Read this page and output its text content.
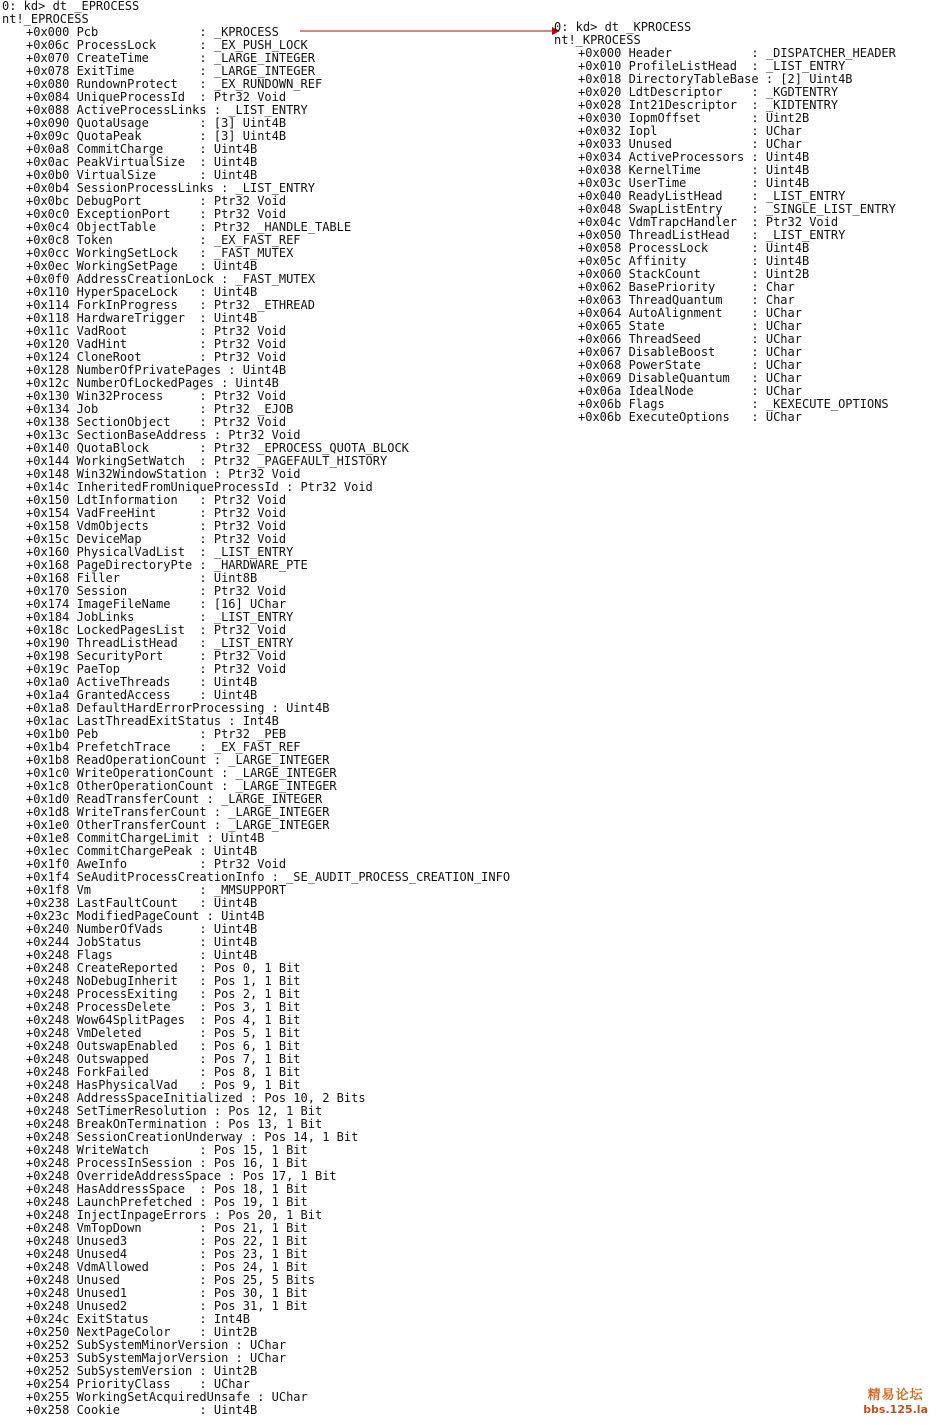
0: kd> dt _EPROCESS
nt!_EPROCESS
+0x000 Pcb              : _KPROCESS
+0x06c ProcessLock      : _EX_PUSH_LOCK
+0x070 CreateTime       : _LARGE_INTEGER
+0x078 ExitTime         : _LARGE_INTEGER
+0x080 RundownProtect   : _EX_RUNDOWN_REF
+0x084 UniqueProcessId  : Ptr32 Void
+0x088 ActiveProcessLinks : _LIST_ENTRY
+0x090 QuotaUsage       : [3] Uint4B
+0x09c QuotaPeak        : [3] Uint4B
+0x0a8 CommitCharge     : Uint4B
+0x0ac PeakVirtualSize  : Uint4B
+0x0b0 VirtualSize      : Uint4B
+0x0b4 SessionProcessLinks : _LIST_ENTRY
+0x0bc DebugPort        : Ptr32 Void
+0x0c0 ExceptionPort    : Ptr32 Void
+0x0c4 ObjectTable      : Ptr32 _HANDLE_TABLE
+0x0c8 Token            : _EX_FAST_REF
+0x0cc WorkingSetLock   : _FAST_MUTEX
+0x0ec WorkingSetPage   : Uint4B
+0x0f0 AddressCreationLock : _FAST_MUTEX
+0x110 HyperSpaceLock   : Uint4B
+0x114 ForkInProgress   : Ptr32 _ETHREAD
+0x118 HardwareTrigger  : Uint4B
+0x11c VadRoot          : Ptr32 Void
+0x120 VadHint          : Ptr32 Void
+0x124 CloneRoot        : Ptr32 Void
+0x128 NumberOfPrivatePages : Uint4B
+0x12c NumberOfLockedPages : Uint4B
+0x130 Win32Process     : Ptr32 Void
+0x134 Job              : Ptr32 _EJOB
+0x138 SectionObject    : Ptr32 Void
+0x13c SectionBaseAddress : Ptr32 Void
+0x140 QuotaBlock       : Ptr32 _EPROCESS_QUOTA_BLOCK
+0x144 WorkingSetWatch  : Ptr32 _PAGEFAULT_HISTORY
+0x148 Win32WindowStation : Ptr32 Void
+0x14c InheritedFromUniqueProcessId : Ptr32 Void
+0x150 LdtInformation   : Ptr32 Void
+0x154 VadFreeHint      : Ptr32 Void
+0x158 VdmObjects       : Ptr32 Void
+0x15c DeviceMap        : Ptr32 Void
+0x160 PhysicalVadList  : _LIST_ENTRY
+0x168 PageDirectoryPte : _HARDWARE_PTE
+0x168 Filler           : Uint8B
+0x170 Session          : Ptr32 Void
+0x174 ImageFileName    : [16] UChar
+0x184 JobLinks         : _LIST_ENTRY
+0x18c LockedPagesList  : Ptr32 Void
+0x190 ThreadListHead   : _LIST_ENTRY
+0x198 SecurityPort     : Ptr32 Void
+0x19c PaeTop           : Ptr32 Void
+0x1a0 ActiveThreads    : Uint4B
+0x1a4 GrantedAccess    : Uint4B
+0x1a8 DefaultHardErrorProcessing : Uint4B
+0x1ac LastThreadExitStatus : Int4B
+0x1b0 Peb              : Ptr32 _PEB
+0x1b4 PrefetchTrace    : _EX_FAST_REF
+0x1b8 ReadOperationCount : _LARGE_INTEGER
+0x1c0 WriteOperationCount : _LARGE_INTEGER
+0x1c8 OtherOperationCount : _LARGE_INTEGER
+0x1d0 ReadTransferCount : _LARGE_INTEGER
+0x1d8 WriteTransferCount : _LARGE_INTEGER
+0x1e0 OtherTransferCount : _LARGE_INTEGER
+0x1e8 CommitChargeLimit : Uint4B
+0x1ec CommitChargePeak : Uint4B
+0x1f0 AweInfo          : Ptr32 Void
+0x1f4 SeAuditProcessCreationInfo : _SE_AUDIT_PROCESS_CREATION_INFO
+0x1f8 Vm               : _MMSUPPORT
+0x238 LastFaultCount   : Uint4B
+0x23c ModifiedPageCount : Uint4B
+0x240 NumberOfVads     : Uint4B
+0x244 JobStatus        : Uint4B
+0x248 Flags            : Uint4B
+0x248 CreateReported   : Pos 0, 1 Bit
+0x248 NoDebugInherit   : Pos 1, 1 Bit
+0x248 ProcessExiting   : Pos 2, 1 Bit
+0x248 ProcessDelete    : Pos 3, 1 Bit
+0x248 Wow64SplitPages  : Pos 4, 1 Bit
+0x248 VmDeleted        : Pos 5, 1 Bit
+0x248 OutswapEnabled   : Pos 6, 1 Bit
+0x248 Outswapped       : Pos 7, 1 Bit
+0x248 ForkFailed       : Pos 8, 1 Bit
+0x248 HasPhysicalVad   : Pos 9, 1 Bit
+0x248 AddressSpaceInitialized : Pos 10, 2 Bits
+0x248 SetTimerResolution : Pos 12, 1 Bit
+0x248 BreakOnTermination : Pos 13, 1 Bit
+0x248 SessionCreationUnderway : Pos 14, 1 Bit
+0x248 WriteWatch       : Pos 15, 1 Bit
+0x248 ProcessInSession : Pos 16, 1 Bit
+0x248 OverrideAddressSpace : Pos 17, 1 Bit
+0x248 HasAddressSpace  : Pos 18, 1 Bit
+0x248 LaunchPrefetched : Pos 19, 1 Bit
+0x248 InjectInpageErrors : Pos 20, 1 Bit
+0x248 VmTopDown        : Pos 21, 1 Bit
+0x248 Unused3          : Pos 22, 1 Bit
+0x248 Unused4          : Pos 23, 1 Bit
+0x248 VdmAllowed       : Pos 24, 1 Bit
+0x248 Unused           : Pos 25, 5 Bits
+0x248 Unused1          : Pos 30, 1 Bit
+0x248 Unused2          : Pos 31, 1 Bit
+0x24c ExitStatus       : Int4B
+0x250 NextPageColor    : Uint2B
+0x252 SubSystemMinorVersion : UChar
+0x253 SubSystemMajorVersion : UChar
+0x252 SubSystemVersion : Uint2B
+0x254 PriorityClass    : UChar
+0x255 WorkingSetAcquiredUnsafe : UChar
+0x258 Cookie           : Uint4B
0: kd> dt _KPROCESS
nt!_KPROCESS
+0x000 Header           : _DISPATCHER_HEADER
+0x010 ProfileListHead  : _LIST_ENTRY
+0x018 DirectoryTableBase : [2] Uint4B
+0x020 LdtDescriptor    : _KGDTENTRY
+0x028 Int21Descriptor  : _KIDTENTRY
+0x030 IopmOffset       : Uint2B
+0x032 Iopl             : UChar
+0x033 Unused           : UChar
+0x034 ActiveProcessors : Uint4B
+0x038 KernelTime       : Uint4B
+0x03c UserTime         : Uint4B
+0x040 ReadyListHead    : _LIST_ENTRY
+0x048 SwapListEntry    : _SINGLE_LIST_ENTRY
+0x04c VdmTrapcHandler  : Ptr32 Void
+0x050 ThreadListHead   : _LIST_ENTRY
+0x058 ProcessLock      : Uint4B
+0x05c Affinity         : Uint4B
+0x060 StackCount       : Uint2B
+0x062 BasePriority     : Char
+0x063 ThreadQuantum    : Char
+0x064 AutoAlignment    : UChar
+0x065 State            : UChar
+0x066 ThreadSeed       : UChar
+0x067 DisableBoost     : UChar
+0x068 PowerState       : UChar
+0x069 DisableQuantum   : UChar
+0x06a IdealNode        : UChar
+0x06b Flags            : _KEXECUTE_OPTIONS
+0x06b ExecuteOptions   : UChar
精易论坛
bbs.125.la
